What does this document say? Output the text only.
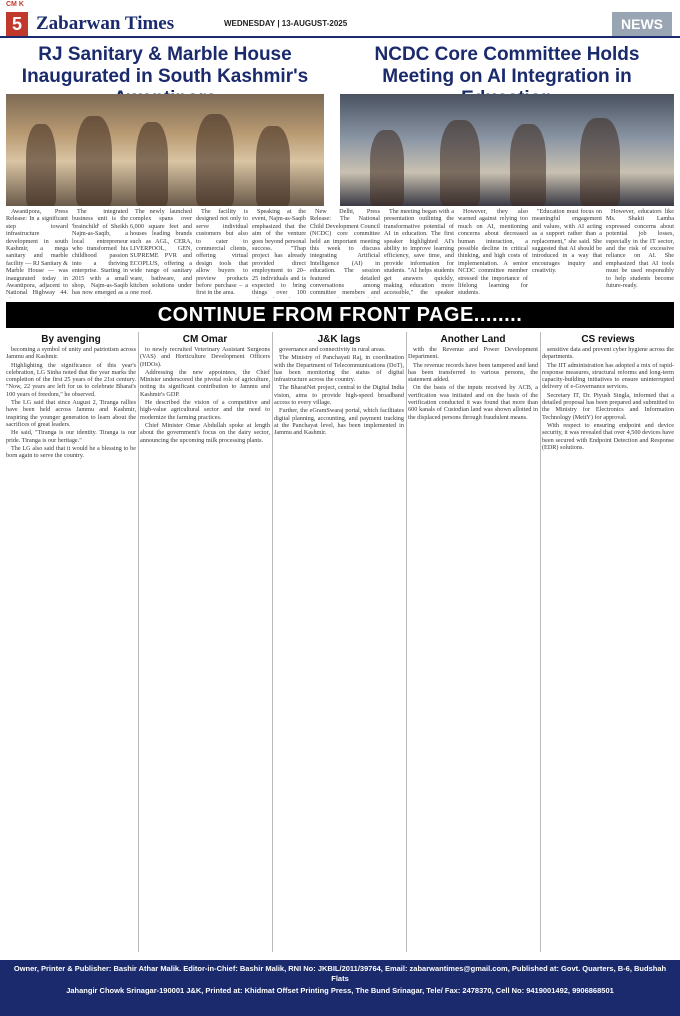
CM K
5 Zabarwan Times	WEDNESDAY | 13-AUGUST-2025	NEWS
RJ Sanitary & Marble House Inaugurated in South Kashmir's
NCDC Core Committee Holds Meeting on AI Integration in

Awantipora, Press Release: In a significant step toward infrastructure development in south Kashmir, a mega sanitary and marble facility — RJ Sanitary & Marble House — was inaugurated today in Awantipora, adjacent to National Highway 44.

The integrated business unit is the 'brainchild' of Sheikh Najm-as-Saqib, a local entrepreneur who transformed his childhood passion into a thriving enterprise. Starting in 2015 with a small shop, Najm-as-Saqib has now emerged as a

The newly launched complex spans over 6,000 square feet and houses leading brands such as AGL, CERA, LIVERPOOL, GEN, SUPREME PVR and ECOPLUS, offering a wide range of sanitary ware, bathware, and kitchen solutions under one roof.

The facility is designed not only to serve individual customers but also to cater to commercial clients, offering virtual design tools that allow buyers to preview products before purchase – a first in the area.

Speaking at the event, Najm-as-Saqib emphasized that the aim of the venture goes beyond personal success. "Thap project has already provided direct employment to 20–25 individuals and is expected to bring things over 100

New Delhi, Press Release: The National Child Development Council (NCDC) core committee held an important meeting this week to discuss integrating Artificial Intelligence (AI) in education. The session featured detailed conversations among committee members and

The meeting began with a presentation outlining the transformative potential of AI in education. The first speaker highlighted AI's ability to improve learning efficiency, save time, and provide information for students. "AI helps students get answers quickly, making education more accessible," the speaker

However, they also warned against relying too much on AI, mentioning concerns about decreased human interaction, a possible decline in critical thinking, and high costs of implementation. A senior NCDC committee member stressed the importance of lifelong learning for students.

"Education must focus on meaningful engagement and values, with AI acting as a support rather than a replacement," she said. She suggested that AI should be introduced in a way that encourages inquiry and creativity.

However, educators like Ms. Shakti Lamba expressed concerns about potential job losses, especially in the IT sector, and the risk of excessive reliance on AI. She emphasized that AI tools must be used responsibly to help students become future-ready.

CONTINUE FROM FRONT PAGE........

By avenging

becoming a symbol of unity and patriotism across Jammu and Kashmir.

Highlighting the significance of this year's celebration, LG Sinha noted that the year marks the completion of the first 25 years of the 21st century. "Now, 22 years are left for us to celebrate Bharat's 100 years of freedom," he observed.

The LG said that since August 2, Tiranga rallies have been held across Jammu and Kashmir, inspiring the younger generation to learn about the sacrifices of great leaders.

He said, "Tiranga is our identity. Tiranga is our pride. Tiranga is our heritage."

The LG also said that it would be a blessing to be born again to serve the country.

CM Omar

to newly recruited Veterinary Assistant Surgeons (VAS) and Horticulture Development Officers (HDOs).

Addressing the new appointees, the Chief Minister underscored the pivotal role of agriculture, noting its significant contribution to Jammu and Kashmir's GDP.

He described the vision of a competitive and high-value agricultural sector and the need to modernize the farming practices.

Chief Minister Omar Abdullah spoke at length about the government's focus on the dairy sector, announcing the upcoming milk processing plants.

J&K lags

governance and connectivity in rural areas.

The Ministry of Panchayati Raj, in coordination with the Department of Telecommunications (DoT), has been monitoring the status of digital infrastructure across the country.

The BharatNet project, central to the Digital India vision, aims to provide high-speed broadband access to every village.

Further, the eGramSwaraj portal, which facilitates digital planning, accounting, and payment tracking at the Panchayat level, has been implemented in Jammu and Kashmir.

Another Land

with the Revenue and Power Development Department.

The revenue records have been tampered and land has been transferred to various persons, the statement added.

On the basis of the inputs received by ACB, a verification was initiated and on the basis of the verification conducted it was found that more than 600 kanals of Custodian land was shown allotted in the displaced persons through fraudulent means.

CS reviews

sensitive data and prevent cyber hygiene across the departments.

The IIT administration has adopted a mix of rapid-response measures, structural reforms and long-term capacity-building initiatives to ensure uninterrupted delivery of e-Governance services.

Secretary IT, Dr. Piyush Singla, informed that a detailed proposal has been prepared and submitted to the Ministry for Electronics and Information Technology (MeitY) for approval.

With respect to ensuring endpoint and device security, it was revealed that over 4,500 devices have been secured with Endpoint Detection and Response (EDR) solutions.

Owner, Printer & Publisher: Bashir Athar Malik. Editor-in-Chief: Bashir Malik, RNI No: JKBIL/2011/39764, Email: zabarwantimes@gmail.com, Published at: Govt. Quarters, B-6, Budshah Flats
Jahangir Chowk Srinagar-190001 J&K, Printed at: Khidmat Offset Printing Press, The Bund Srinagar, Tele/ Fax: 2478370, Cell No: 9419001492, 9906868501
